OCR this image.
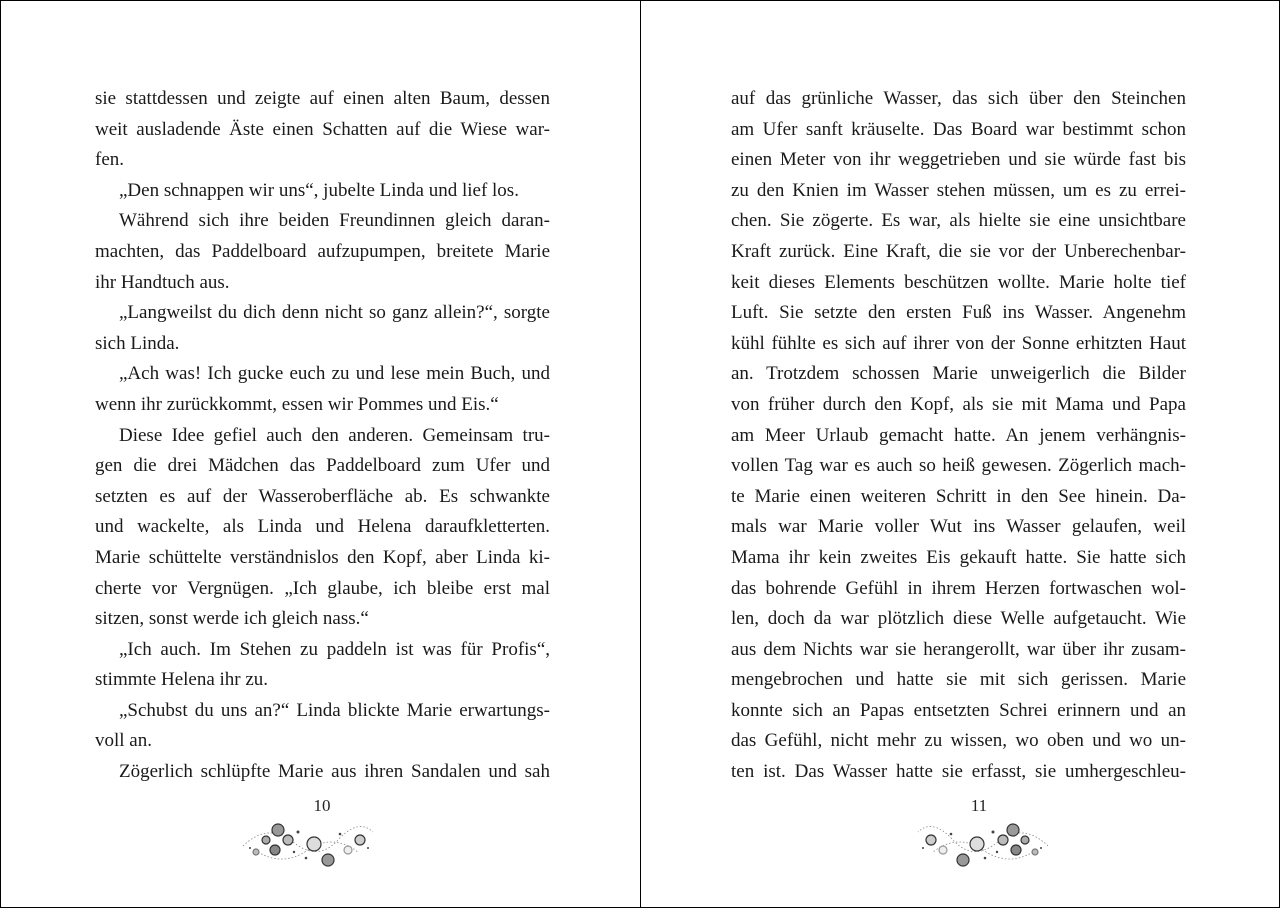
sie stattdessen und zeigte auf einen alten Baum, dessen
weit ausladende Äste einen Schatten auf die Wiese war-
fen.
„Den schnappen wir uns“, jubelte Linda und lief los.
Während sich ihre beiden Freundinnen gleich daran-
machten, das Paddelboard aufzupumpen, breitete Marie
ihr Handtuch aus.
„Langweilst du dich denn nicht so ganz allein?“, sorgte
sich Linda.
„Ach was! Ich gucke euch zu und lese mein Buch, und
wenn ihr zurückkommt, essen wir Pommes und Eis.“
Diese Idee gefiel auch den anderen. Gemeinsam tru-
gen die drei Mädchen das Paddelboard zum Ufer und
setzten es auf der Wasseroberfläche ab. Es schwankte
und wackelte, als Linda und Helena daraufkletterten.
Marie schüttelte verständnislos den Kopf, aber Linda ki-
cherte vor Vergnügen. „Ich glaube, ich bleibe erst mal
sitzen, sonst werde ich gleich nass.“
„Ich auch. Im Stehen zu paddeln ist was für Profis“,
stimmte Helena ihr zu.
„Schubst du uns an?“ Linda blickte Marie erwartungs-
voll an.
Zögerlich schlüpfte Marie aus ihren Sandalen und sah
10
auf das grünliche Wasser, das sich über den Steinchen
am Ufer sanft kräuselte. Das Board war bestimmt schon
einen Meter von ihr weggetrieben und sie würde fast bis
zu den Knien im Wasser stehen müssen, um es zu errei-
chen. Sie zögerte. Es war, als hielte sie eine unsichtbare
Kraft zurück. Eine Kraft, die sie vor der Unberechenbar-
keit dieses Elements beschützen wollte. Marie holte tief
Luft. Sie setzte den ersten Fuß ins Wasser. Angenehm
kühl fühlte es sich auf ihrer von der Sonne erhitzten Haut
an. Trotzdem schossen Marie unweigerlich die Bilder
von früher durch den Kopf, als sie mit Mama und Papa
am Meer Urlaub gemacht hatte. An jenem verhängnis-
vollen Tag war es auch so heiß gewesen. Zögerlich mach-
te Marie einen weiteren Schritt in den See hinein. Da-
mals war Marie voller Wut ins Wasser gelaufen, weil
Mama ihr kein zweites Eis gekauft hatte. Sie hatte sich
das bohrende Gefühl in ihrem Herzen fortwaschen wol-
len, doch da war plötzlich diese Welle aufgetaucht. Wie
aus dem Nichts war sie herangerollt, war über ihr zusam-
mengebrochen und hatte sie mit sich gerissen. Marie
konnte sich an Papas entsetzten Schrei erinnern und an
das Gefühl, nicht mehr zu wissen, wo oben und wo un-
ten ist. Das Wasser hatte sie erfasst, sie umhergeschleu-
11
